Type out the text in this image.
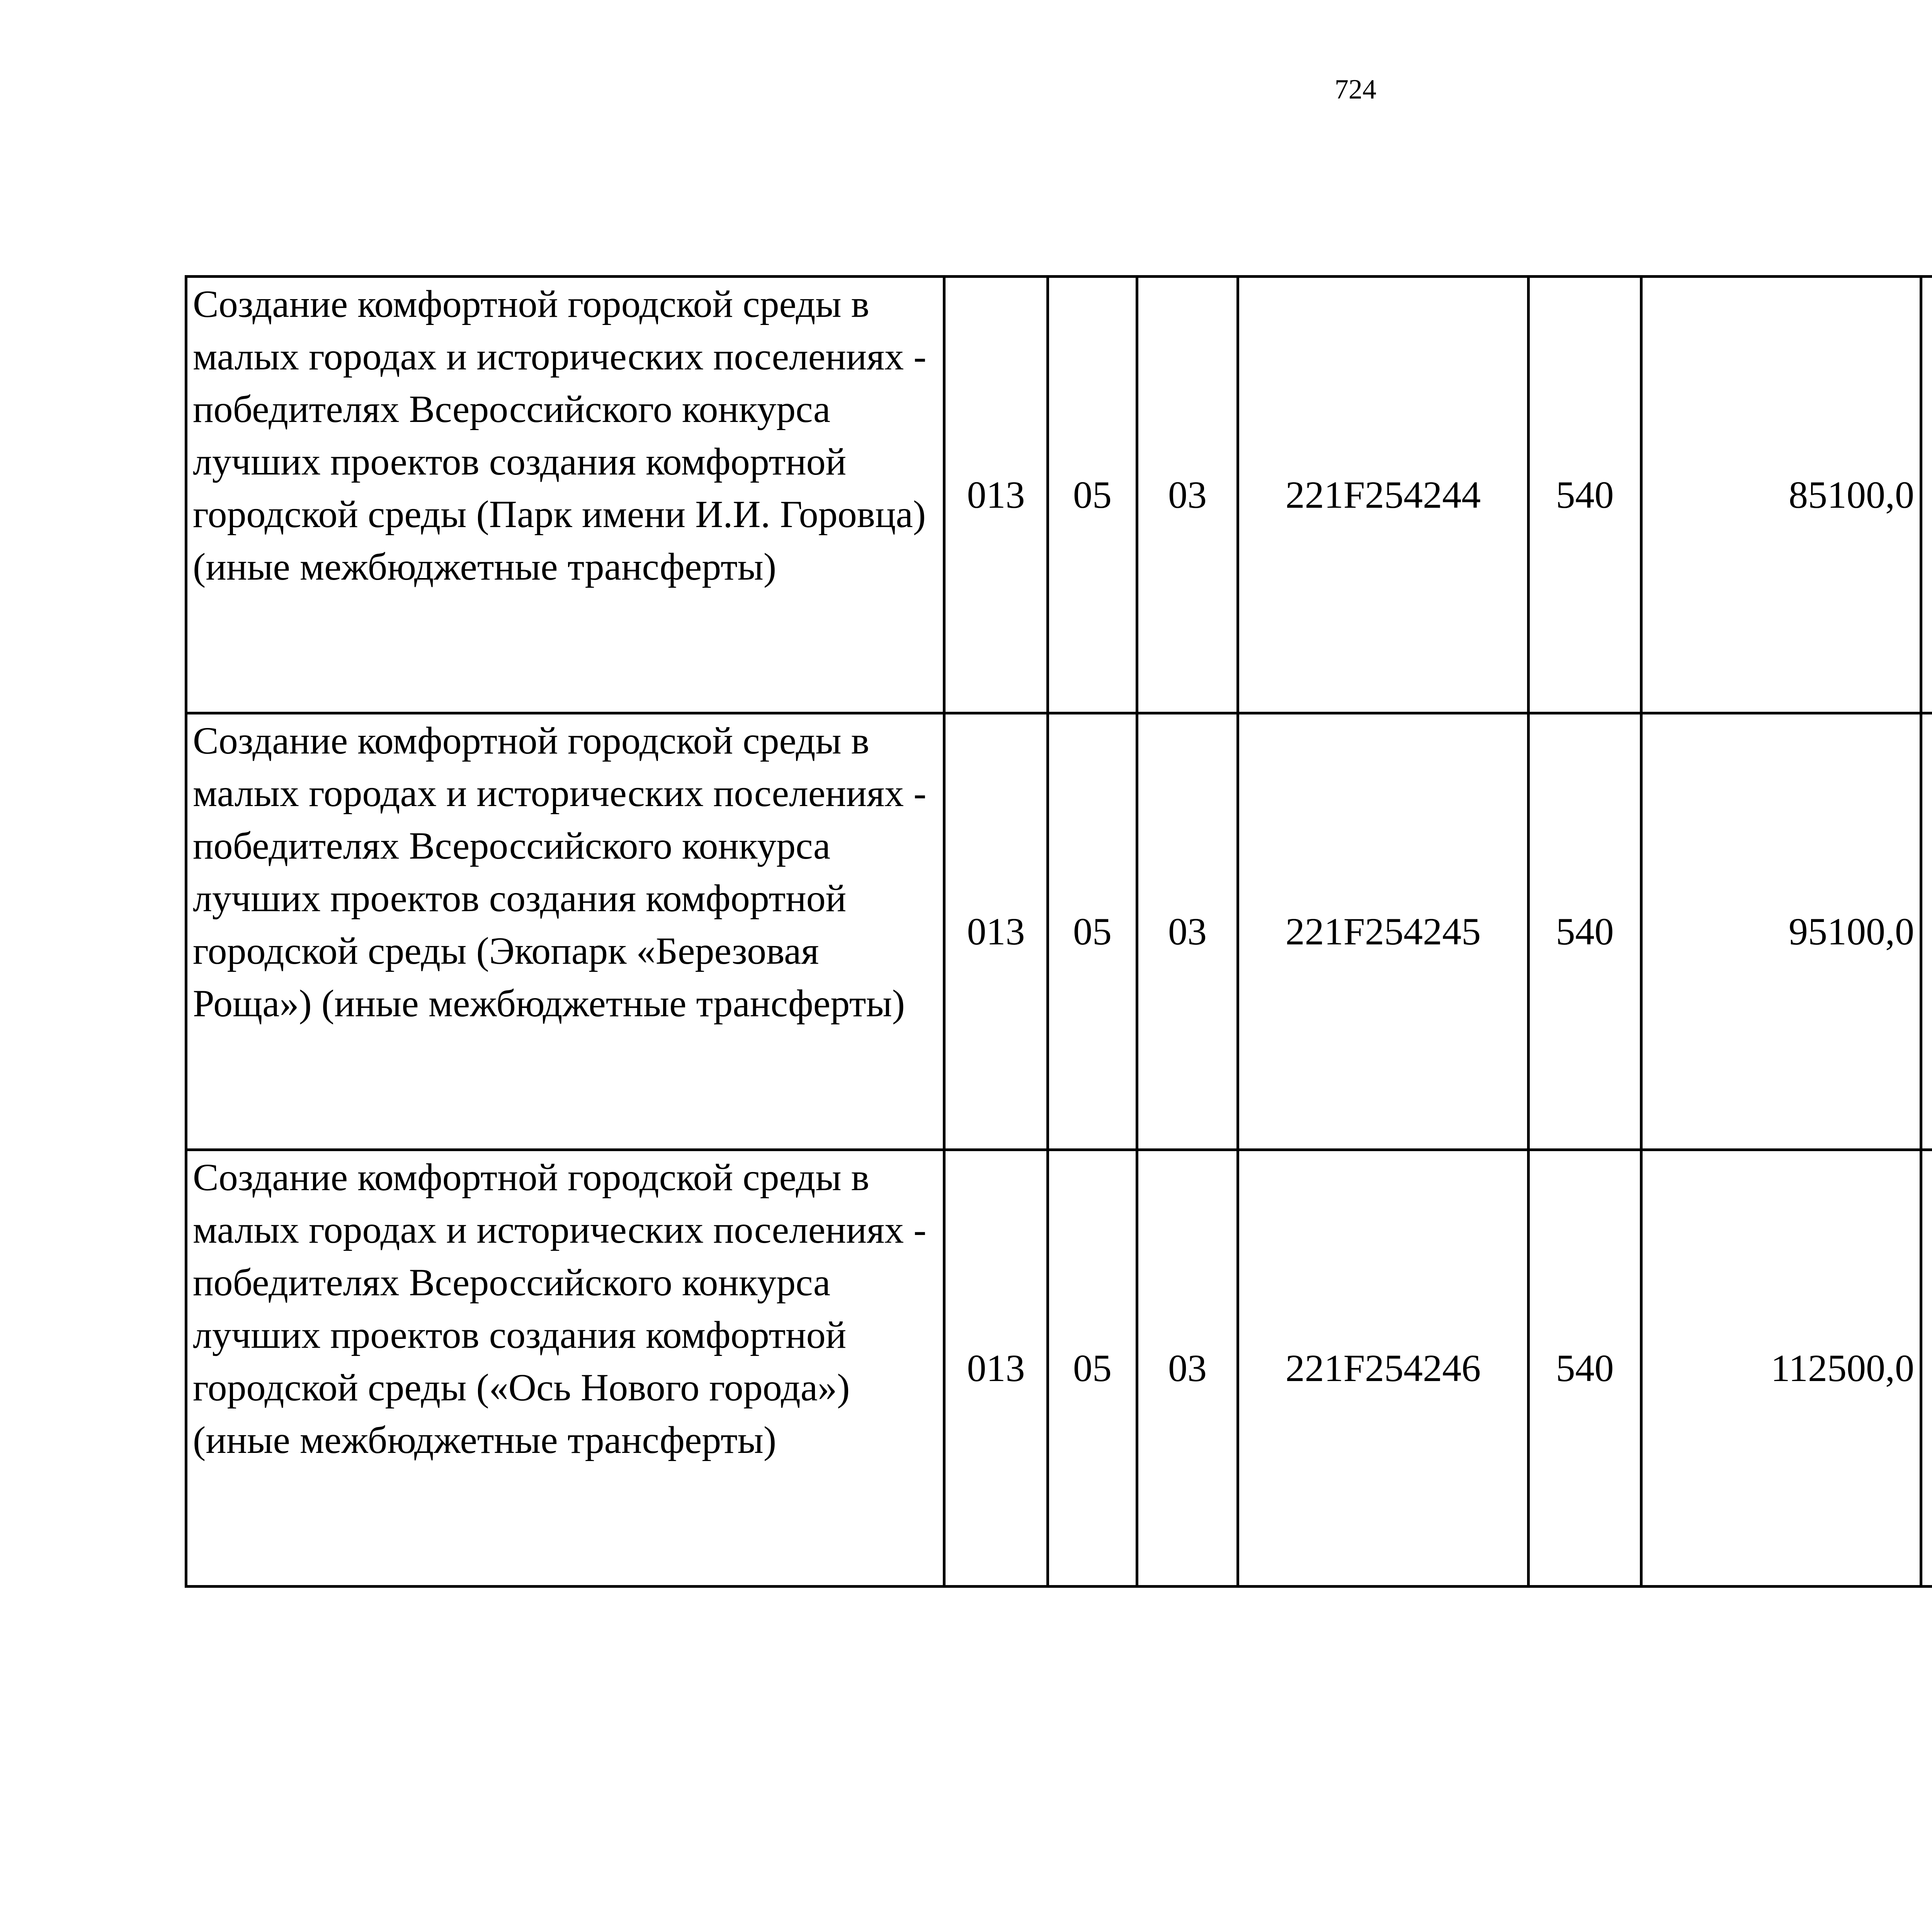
724
Создание комфортной городской среды в малых городах и исторических поселениях - победителях Всероссийского конкурса лучших проектов создания комфортной городской среды (Парк имени И.И. Горовца) (иные межбюджетные трансферты)	013	05	03	221F254244	540	85100,0		
Создание комфортной городской среды в малых городах и исторических поселениях - победителях Всероссийского конкурса лучших проектов создания комфортной городской среды (Экопарк «Березовая Роща») (иные межбюджетные трансферты)	013	05	03	221F254245	540	95100,0		
Создание комфортной городской среды в малых городах и исторических поселениях - победителях Всероссийского конкурса лучших проектов создания комфортной городской среды («Ось Нового города») (иные межбюджетные трансферты)	013	05	03	221F254246	540	112500,0		
